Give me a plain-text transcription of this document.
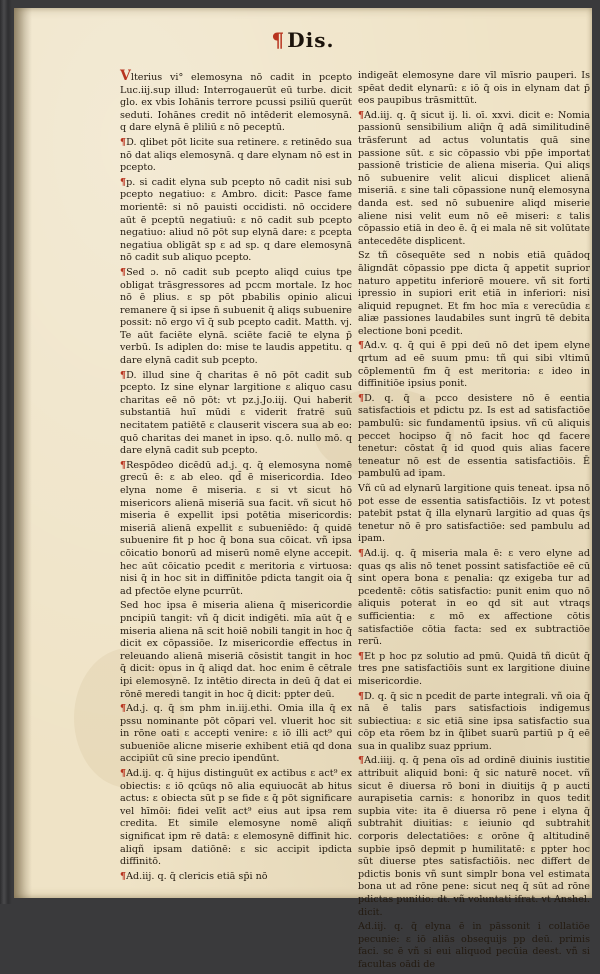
¶ Dis.

Vlterius vi° elemosyna nō cadit in pcepto Luc.iij.sup illud: Interrogauerūt eū turbe. dicit glo. ex vbis Iohānis terrore pcussi psiliū querūt seduti. Iohānes credit nō intēderit elemosynā. q dare elynā ē pliliū ɛ nō peceptū.

¶D. qlibet pōt licite sua retinere. ɛ retinēdo sua nō dat aliqs elemosynā. q dare elynam nō est in pcepto.

¶p. si cadit elyna sub pcepto nō cadit nisi sub pcepto negatiuo: ɛ Ambro. dicit: Pasce fame morientē: si nō pauisti occidisti. nō occidere aūt ē pceptū negatiuū: ɛ nō cadit sub pcepto negatiuo: aliud nō pōt sup elynā dare: ɛ pcepta negatiua obligāt sp ɛ ad sp. q dare elemosynā nō cadit sub aliquo pcepto.

¶Sed ɔ. nō cadit sub pcepto aliqd cuius tpe obligat trāsgressores ad pccm mortale. Iz hoc nō ē plius. ɛ sp pōt pbabilis opinio alicui remanere q̄ si ipse n̄ subuenit q̄ aliqs subuenire possit: nō ergo vī q̄ sub pcepto cadit. Matth. vj. Te aūt faciēte elynā. sciēte faciē te elyna p̄ verbū. Is adiplen do: mise te laudis appetitu. q dare elynā cadit sub pcepto.

¶D. illud sine q̄ charitas ē nō pōt cadit sub pcepto. Iz sine elynar largitione ɛ aliquo casu charitas eē nō pōt: vt pz.j.Jo.iij. Qui haberit substantiā huī mūdi ɛ viderit fratrē suū necitatem patiētē ɛ clauserit viscera sua ab eo: quō charitas dei manet in ipso. q.ō. nullo mō. q dare elynā cadit sub pcepto.

¶Respōdeo dicēdū ad.j. q. q̄ elemosyna nomē grecū ē: ɛ ab eleo. qd̄ ē misericordia. Ideo elyna nome ē miseria. ɛ si vt sicut hō misericors alienā miseriā sua facit. vñ sicut hō miseria ē expellit ipsi potētia misericordis: miseriā alienā expellit ɛ subueniēdo: q̄ quidē subuenire fit p hoc q̄ bona sua cōicat. vñ ipsa cōicatio bonorū ad miserū nomē elyne accepit. hec aūt cōicatio pcedit ɛ meritoria ɛ virtuosa: nisi q̄ in hoc sit in diffinitōe pdicta tangit oia q̄ ad pfectōe elyne pcurrūt.

Sed hoc ipsa ē miseria aliena q̄ misericordie pncipiū tangit: vñ q̄ dicit indigēti. mīa aūt q̄ e miseria aliena nā scit hoiē nobili tangit in hoc q̄ dicit ex cōpassiōe. Iz misericordie effectus in releuando alienā miseriā cōsistit tangit in hoc q̄ dicit: opus in q̄ aliqd dat. hoc enim ē cētrale ipi elemosynē. Iz intētio directa in deū q̄ dat ei rōnē meredi tangit in hoc q̄ dicit: ppter deū.

¶Ad.j. q. q̄ sm phm in.iij.ethi. Omia illa q̄ ex pssu nominante pōt cōpari vel. vluerit hoc sit in rōne oati ɛ accepti venire: ɛ iō illi act⁹ qui subueniōe alicne miserie exhibent etiā qd dona accipiūt cū sine precio ipendūnt.

¶Ad.ij. q. q̄ hijus distinguūt ex actibus ɛ act⁹ ex obiectis: ɛ iō qcūqs nō alia equiuocāt ab hitus actus: ɛ obiecta sūt p se fide ɛ q̄ pōt significare vel hīmōi: fidei velīt act⁹ eius aut ipsa rem credita. Et simile elemosyne nomē aliqñ significat ipm rē datā: ɛ elemosynē diffinit hic. aliqñ ipsam datiōnē: ɛ sic accipit ipdicta diffinitō.

¶Ad.iij. q. q̄ clericis etiā sp̄i nō

indigeāt elemosyne dare vīl mīsrio pauperi. Is spēat dedit elynarū: ɛ iō q̄ ois in elynam dat p̄ eos paupibus trāsmittūt.

¶Ad.iij. q. q̄ sicut ij. li. oī. xxvi. dicit e: Nomia passionū sensibilium aliq̄n q̄ adā similitudinē trāsferunt ad actus voluntatis quā sine passione sūt. ɛ sic cōpassio vbi pp̄e importat passionē tristicie de aliena miseria. Qui aliqs nō subuenire velit alicui displicet alienā miseriā. ɛ sine tali cōpassione nunq̄ elemosyna danda est. sed nō subuenire aliqd miserie aliene nisi velit eum nō eē miseri: ɛ talis cōpassio etiā in deo ē. q̄ ei mala nē sit volūtate antecedēte displicent.

Sz tñ cōsequēte sed n nobis etiā quādoq āligndāt cōpassio ppe dicta q̄ appetit suprior naturo appetitu inferiorē mouere. vñ sit forti ipressio in supiori erit etiā in inferiori: nisi aliquid repugnet. Et fm hoc mīa ɛ verecūdia ɛ aliæ passiones laudabiles sunt ingrū tē debita electione boni pcedit.

¶Ad.v. q. q̄ qui ē ppi deū nō det ipem elyne qrtum ad eē suum pmu: tñ qui sibi vltimū cōplementū fm q̄ est meritoria: ɛ ideo in diffinitiōe ipsius ponit.

¶D. q. q̄ a pcco desistere nō ē eentia satisfactiois et pdictu pz. Is est ad satisfactiōe pambulū: sic fundamentū ipsius. vñ cū aliquis peccet hocipso q̄ nō facit hoc qd facere tenetur: cōstat q̄ id quod quis alias facere teneatur nō est de essentia satisfactiōis. Ē pambulū ad ipam.

Vñ cū ad elynarū largitione quis teneat. ipsa nō pot esse de essentia satisfactiōis. Iz vt potest patebit pstat q̄ illa elynarū largitio ad quas q̄s tenetur nō ē pro satisfactiōe: sed pambulu ad ipam.

¶Ad.ij. q. q̄ miseria mala ē: ɛ vero elyne ad quas qs alis nō tenet possint satisfactiōe eē cū sint opera bona ɛ penalia: qz exigeba tur ad pcedentē: cōtis satisfactio: punit enim quo nō aliquis poterat in eo qd sit aut vtraqs sufficientia: ɛ mō ex affectione cōtis satisfactiōe cōtia facta: sed ex subtractiōe rerū.

¶Et p hoc pz solutio ad pmū. Quidā tñ dicūt q̄ tres pne satisfactiōis sunt ex largitione diuine misericordie.

¶D. q. q̄ sic n pcedit de parte integrali. vñ oia q̄ nā ē talis pars satisfactiois indigemus subiectiua: ɛ sic etiā sine ipsa satisfactio sua cōp eta rōem bz in q̄libet suarū partiū p q̄ eē sua in qualibz suaz pprium.

¶Ad.iiij. q. q̄ pena oīs ad ordinē diuinis iustitie attribuit aliquid boni: q̄ sic naturē nocet. vñ sicut ē diuersa rō boni in diuitijs q̄ p aucti aurapisetia carnis: ɛ honoribz in quos tedit supbia vite: ita ē diuersa rō pene i elyna q̄ subtrahit diuitias: ɛ ieiunio qd subtrahit corporis delectatiōes: ɛ orōne q̄ altitudinē supbie ipsō depmit p humilitatē: ɛ ppter hoc sūt diuerse ptes satisfactiōis. nec differt de pdictis bonis vñ sunt simplr bona vel estimata bona ut ad rōne pene: sicut neq q̄ sūt ad rōne pdictas punitio: dt. vñ voluntati ifrat. vt Anshel. dicit.

Ad.iij. q. q̄ elyna ē in pāssonit i collatiōe pecunie: ɛ iō aliās obsequijs pp deū. primis faci. sc ē vñ si eui aliquod pecūia deest. vñ si facultas oādi de
